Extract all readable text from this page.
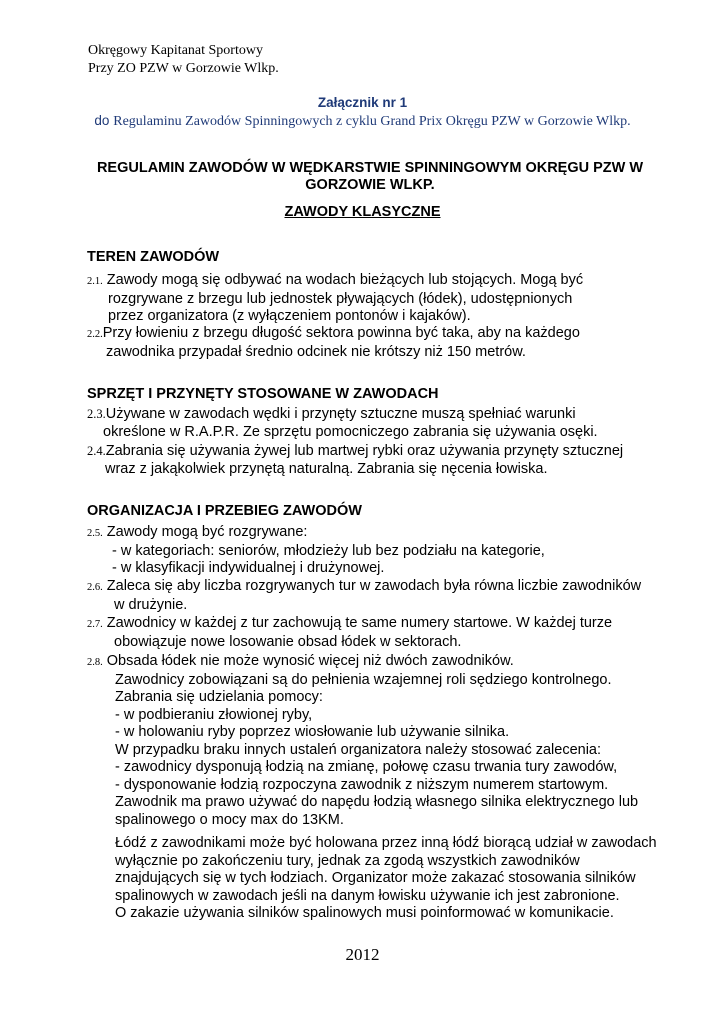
Okręgowy Kapitanat Sportowy
Przy ZO PZW w Gorzowie Wlkp.
Załącznik nr 1
do Regulaminu Zawodów Spinningowych z cyklu Grand Prix Okręgu PZW w Gorzowie Wlkp.
REGULAMIN ZAWODÓW W WĘDKARSTWIE SPINNINGOWYM OKRĘGU PZW W GORZOWIE WLKP.
ZAWODY KLASYCZNE
TEREN ZAWODÓW
2.1. Zawody mogą się odbywać na wodach bieżących lub stojących. Mogą być
rozgrywane z brzegu lub jednostek pływających (łódek), udostępnionych
przez organizatora (z wyłączeniem pontonów i kajaków).
2.2.Przy łowieniu z brzegu długość sektora powinna być taka, aby na każdego
zawodnika przypadał średnio odcinek nie krótszy niż 150 metrów.
SPRZĘT I PRZYNĘTY STOSOWANE W ZAWODACH
2.3.Używane w zawodach wędki i przynęty sztuczne muszą spełniać warunki
określone w R.A.P.R. Ze sprzętu pomocniczego zabrania się używania osęki.
2.4.Zabrania się używania żywej lub martwej rybki oraz używania przynęty sztucznej
wraz z jakąkolwiek przynętą naturalną. Zabrania się nęcenia łowiska.
ORGANIZACJA I PRZEBIEG ZAWODÓW
2.5. Zawody mogą być rozgrywane:
- w kategoriach: seniorów, młodzieży lub bez podziału na kategorie,
- w klasyfikacji indywidualnej i drużynowej.
2.6. Zaleca się aby liczba rozgrywanych tur w zawodach była równa liczbie zawodników
w drużynie.
2.7. Zawodnicy w każdej z tur zachowują te same numery startowe. W każdej turze
obowiązuje nowe losowanie obsad łódek w sektorach.
2.8. Obsada łódek nie może wynosić więcej niż dwóch zawodników.
Zawodnicy zobowiązani są do pełnienia wzajemnej roli sędziego kontrolnego.
Zabrania się udzielania pomocy:
- w podbieraniu złowionej ryby,
- w holowaniu ryby poprzez wiosłowanie lub używanie silnika.
W przypadku braku innych ustaleń organizatora należy stosować zalecenia:
- zawodnicy dysponują łodzią na zmianę, połowę czasu trwania tury zawodów,
- dysponowanie łodzią rozpoczyna zawodnik z niższym numerem startowym.
Zawodnik ma prawo używać do napędu łodzią własnego silnika elektrycznego lub
spalinowego o mocy max do 13KM.
Łódź z zawodnikami może być holowana przez inną łódź biorącą udział w zawodach
wyłącznie po zakończeniu tury, jednak za zgodą wszystkich zawodników
znajdujących się w tych łodziach. Organizator może zakazać stosowania silników
spalinowych w zawodach jeśli na danym łowisku używanie ich jest zabronione.
O zakazie używania silników spalinowych musi poinformować w komunikacie.
2012
